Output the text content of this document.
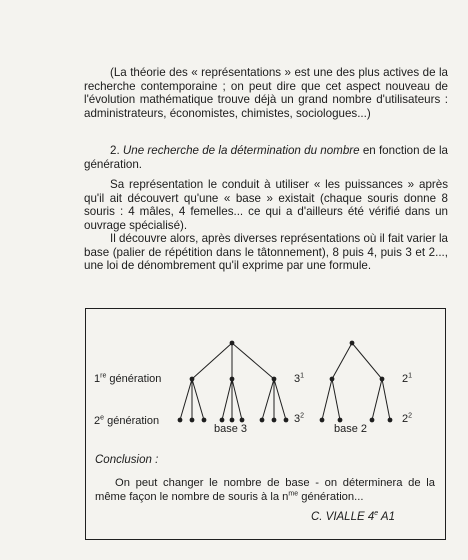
(La théorie des « représentations » est une des plus actives de la recherche contemporaine ; on peut dire que cet aspect nouveau de l'évolution mathématique trouve déjà un grand nombre d'utilisateurs : administrateurs, économistes, chimistes, sociologues...)

2. Une recherche de la détermination du nombre en fonction de la génération.

Sa représentation le conduit à utiliser « les puissances » après qu'il ait découvert qu'une « base » existait (chaque souris donne 8 souris : 4 mâles, 4 femelles... ce qui a d'ailleurs été vérifié dans un ouvrage spécialisé).

Il découvre alors, après diverses représentations où il fait varier la base (palier de répétition dans le tâtonnement), 8 puis 4, puis 3 et 2..., une loi de dénombrement qu'il exprime par une formule.

1re génération
2e génération
$3^1$
$3^2$
$2^1$
$2^2$
base 3	base 2
Conclusion :

On peut changer le nombre de base - on déterminera de la même façon le nombre de souris à la $n^{me}$ génération...

C. VIALLE 4e A1
